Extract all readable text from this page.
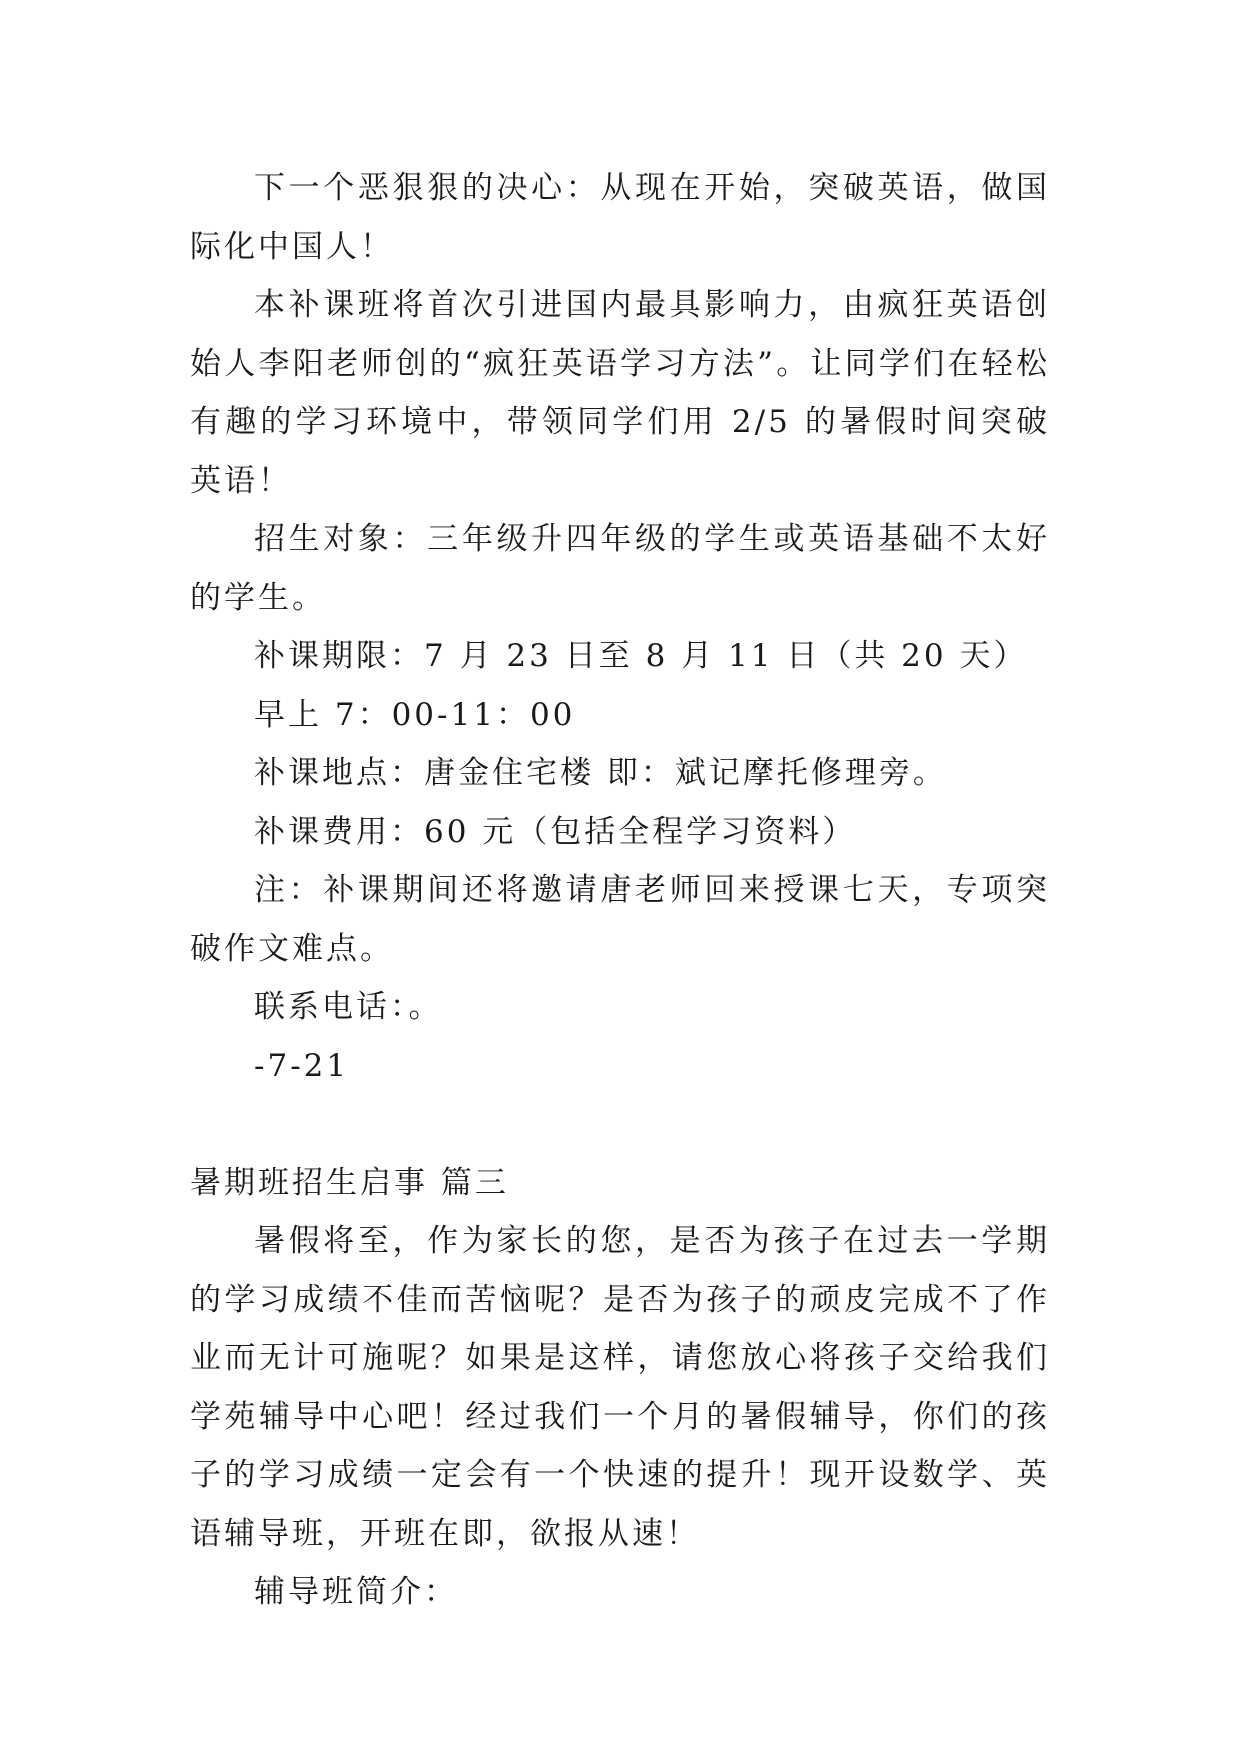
下一个恶狠狠的决心：从现在开始，突破英语，做国际化中国人！

本补课班将首次引进国内最具影响力，由疯狂英语创始人李阳老师创的“疯狂英语学习方法”。让同学们在轻松有趣的学习环境中，带领同学们用 2/5 的暑假时间突破英语！

招生对象：三年级升四年级的学生或英语基础不太好的学生。

补课期限：7 月 23 日至 8 月 11 日（共 20 天）

早上 7：00-11：00

补课地点：唐金住宅楼 即：斌记摩托修理旁。

补课费用：60 元（包括全程学习资料）

注：补课期间还将邀请唐老师回来授课七天，专项突破作文难点。

联系电话：。

-7-21

暑期班招生启事 篇三

暑假将至，作为家长的您，是否为孩子在过去一学期的学习成绩不佳而苦恼呢？是否为孩子的顽皮完成不了作业而无计可施呢？如果是这样，请您放心将孩子交给我们学苑辅导中心吧！经过我们一个月的暑假辅导，你们的孩子的学习成绩一定会有一个快速的提升！现开设数学、英语辅导班，开班在即，欲报从速！

辅导班简介：
